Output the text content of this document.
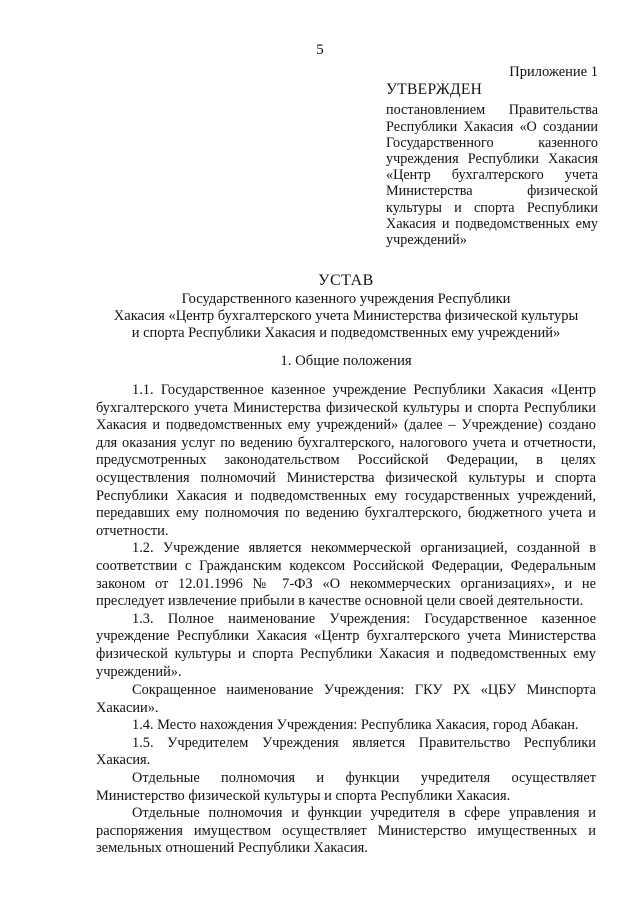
5
Приложение 1
УТВЕРЖДЕН
постановлением Правительства Республики Хакасия «О создании Государственного казенного учреждения Республики Хакасия «Центр бухгалтерского учета Министерства физической культуры и спорта Республики Хакасия и подведомственных ему учреждений»
УСТАВ
Государственного казенного учреждения Республики
Хакасия «Центр бухгалтерского учета Министерства физической культуры
и спорта Республики Хакасия и подведомственных ему учреждений»
1. Общие положения

1.1. Государственное казенное учреждение Республики Хакасия «Центр бухгалтерского учета Министерства физической культуры и спорта Республики Хакасия и подведомственных ему учреждений» (далее – Учреждение) создано для оказания услуг по ведению бухгалтерского, налогового учета и отчетности, предусмотренных законодательством Российской Федерации, в целях осуществления полномочий Министерства физической культуры и спорта Республики Хакасия и подведомственных ему государственных учреждений, передавших ему полномочия по ведению бухгалтерского, бюджетного учета и отчетности.

1.2. Учреждение является некоммерческой организацией, созданной в соответствии с Гражданским кодексом Российской Федерации, Федеральным законом от 12.01.1996 № 7-ФЗ «О некоммерческих организациях», и не преследует извлечение прибыли в качестве основной цели своей деятельности.

1.3. Полное наименование Учреждения: Государственное казенное учреждение Республики Хакасия «Центр бухгалтерского учета Министерства физической культуры и спорта Республики Хакасия и подведомственных ему учреждений».

Сокращенное наименование Учреждения: ГКУ РХ «ЦБУ Минспорта Хакасии».

1.4. Место нахождения Учреждения: Республика Хакасия, город Абакан.

1.5. Учредителем Учреждения является Правительство Республики Хакасия.

Отдельные полномочия и функции учредителя осуществляет Министерство физической культуры и спорта Республики Хакасия.

Отдельные полномочия и функции учредителя в сфере управления и распоряжения имуществом осуществляет Министерство имущественных и земельных отношений Республики Хакасия.
